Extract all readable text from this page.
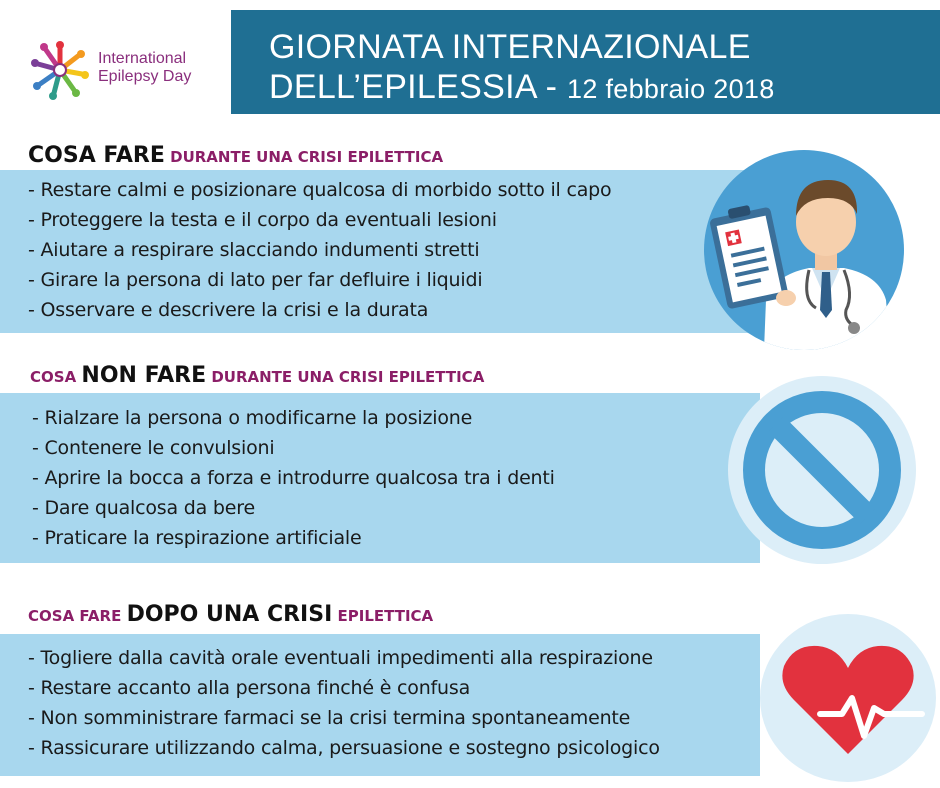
International
Epilepsy Day
GIORNATA INTERNAZIONALE
DELL’EPILESSIA - 12 febbraio 2018
COSA FARE DURANTE UNA CRISI EPILETTICA
- Restare calmi e posizionare qualcosa di morbido sotto il capo
- Proteggere la testa e il corpo da eventuali lesioni
- Aiutare a respirare slacciando indumenti stretti
- Girare la persona di lato per far defluire i liquidi
- Osservare e descrivere la crisi e la durata
COSA NON FARE DURANTE UNA CRISI EPILETTICA
- Rialzare la persona o modificarne la posizione
- Contenere le convulsioni
- Aprire la bocca a forza e introdurre qualcosa tra i denti
- Dare qualcosa da bere
- Praticare la respirazione artificiale
COSA FARE DOPO UNA CRISI EPILETTICA
- Togliere dalla cavità orale eventuali impedimenti alla respirazione
- Restare accanto alla persona finché è confusa
- Non somministrare farmaci se la crisi termina spontaneamente
- Rassicurare utilizzando calma, persuasione e sostegno psicologico
